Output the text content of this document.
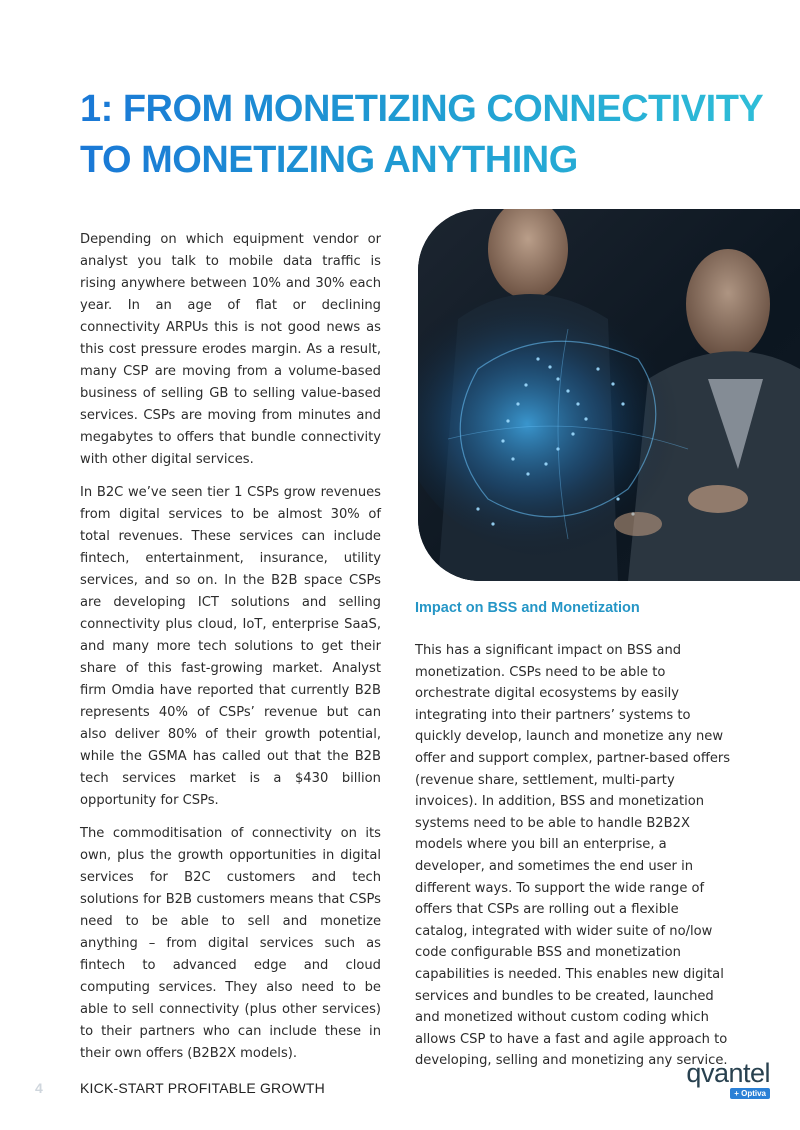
1: FROM MONETIZING CONNECTIVITY
TO MONETIZING ANYTHING

Depending on which equipment vendor or analyst you talk to mobile data traffic is rising anywhere between 10% and 30% each year. In an age of flat or declining connectivity ARPUs this is not good news as this cost pressure erodes margin. As a result, many CSP are moving from a volume-based business of selling GB to selling value-based services. CSPs are moving from minutes and megabytes to offers that bundle connectivity with other digital services.

In B2C we’ve seen tier 1 CSPs grow revenues from digital services to be almost 30% of total revenues. These services can include fintech, entertainment, insurance, utility services, and so on. In the B2B space CSPs are developing ICT solutions and selling connectivity plus cloud, IoT, enterprise SaaS, and many more tech solutions to get their share of this fast-growing market. Analyst firm Omdia have reported that currently B2B represents 40% of CSPs’ revenue but can also deliver 80% of their growth potential, while the GSMA has called out that the B2B tech services market is a $430 billion opportunity for CSPs.

The commoditisation of connectivity on its own, plus the growth opportunities in digital services for B2C customers and tech solutions for B2B customers means that CSPs need to be able to sell and monetize anything – from digital services such as fintech to advanced edge and cloud computing services. They also need to be able to sell connectivity (plus other services) to their partners who can include these in their own offers (B2B2X models).

Impact on BSS and Monetization

This has a significant impact on BSS and monetization. CSPs need to be able to orchestrate digital ecosystems by easily integrating into their partners’ systems to quickly develop, launch and monetize any new offer and support complex, partner-based offers (revenue share, settlement, multi-party invoices). In addition, BSS and monetization systems need to be able to handle B2B2X models where you bill an enterprise, a developer, and sometimes the end user in different ways. To support the wide range of offers that CSPs are rolling out a flexible catalog, integrated with wider suite of no/low code configurable BSS and monetization capabilities is needed. This enables new digital services and bundles to be created, launched and monetized without custom coding which allows CSP to have a fast and agile approach to developing, selling and monetizing any service.

4	KICK-START PROFITABLE GROWTH	qvantel
+ Optiva
